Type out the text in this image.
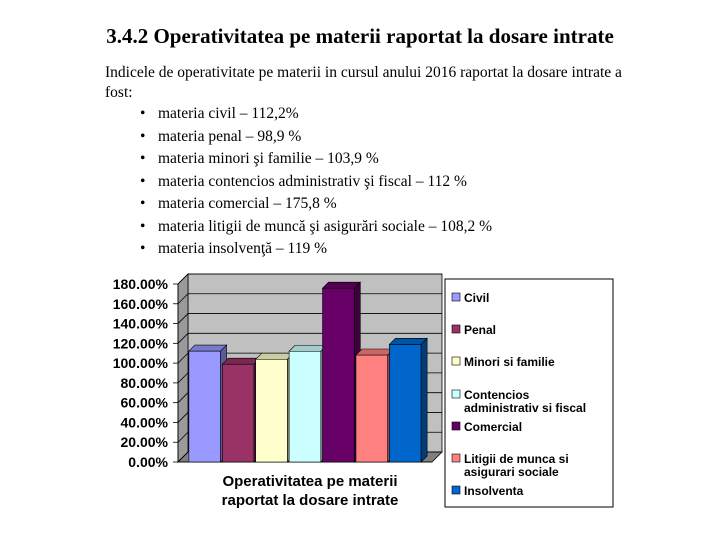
3.4.2 Operativitatea pe materii raportat la dosare intrate
Indicele de operativitate pe materii in cursul anului 2016 raportat la dosare intrate a fost:
• materia civil – 112,2%
• materia penal – 98,9 %
• materia minori şi familie – 103,9 %
• materia contencios administrativ şi fiscal – 112 %
• materia comercial – 175,8 %
• materia litigii de muncă şi asigurări sociale – 108,2 %
• materia insolvenţă – 119 %
0.00%
20.00%
40.00%
60.00%
80.00%
100.00%
120.00%
140.00%
160.00%
180.00%
Operativitatea pe materii raportat la dosare intrate
Civil
Penal
Minori si familie
Contencios administrativ si fiscal
Comercial
Litigii de munca si asigurari sociale
Insolventa
